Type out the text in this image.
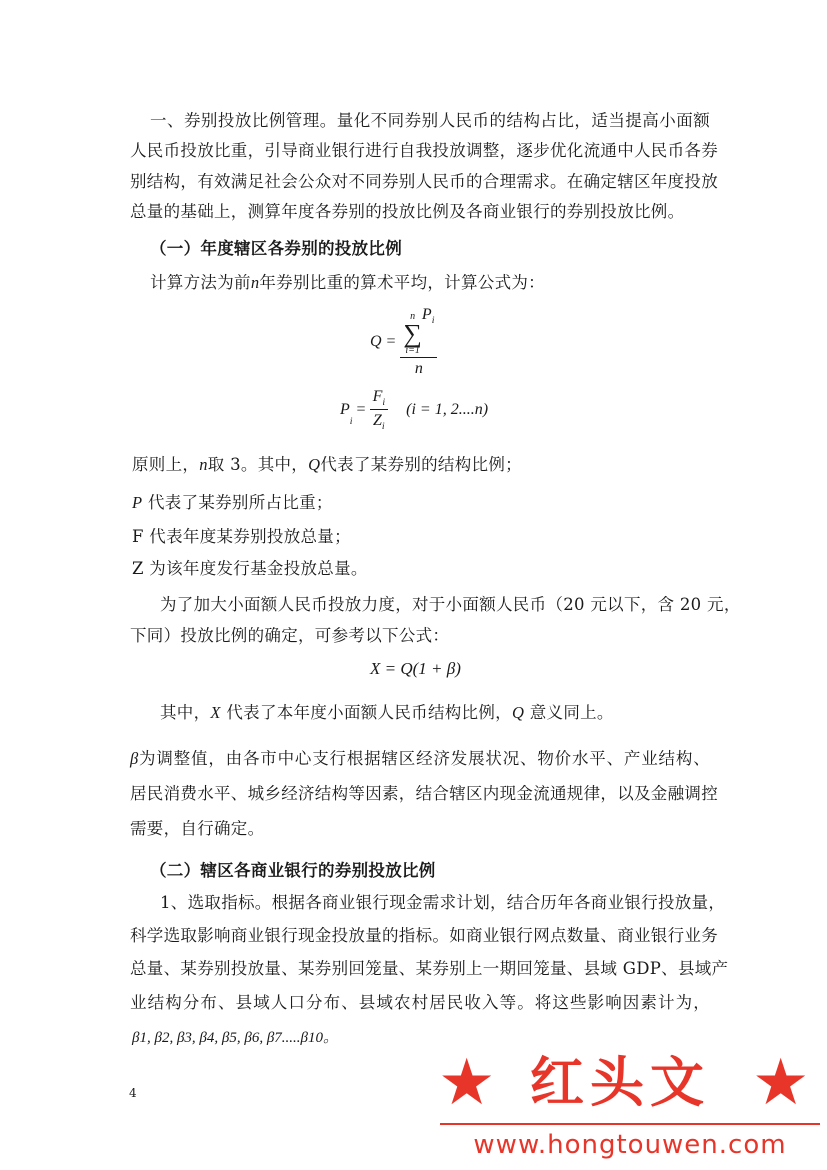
一、券别投放比例管理。量化不同券别人民币的结构占比，适当提高小面额
人民币投放比重，引导商业银行进行自我投放调整，逐步优化流通中人民币各券
别结构，有效满足社会公众对不同券别人民币的合理需求。在确定辖区年度投放
总量的基础上，测算年度各券别的投放比例及各商业银行的券别投放比例。
（一）年度辖区各券别的投放比例
计算方法为前n年券别比重的算术平均，计算公式为：
Q = n
∑
i=1
$P_i$
n
$P_i = \frac{F_i}{Z_i} (i = 1$, 2....n)
原则上，n取 3。其中，Q代表了某券别的结构比例；
P 代表了某券别所占比重；
F 代表年度某券别投放总量；
Z 为该年度发行基金投放总量。
为了加大小面额人民币投放力度，对于小面额人民币（20 元以下，含 20 元，
下同）投放比例的确定，可参考以下公式：
X = Q(1 + β)
其中，X 代表了本年度小面额人民币结构比例，Q 意义同上。
β为调整值，由各市中心支行根据辖区经济发展状况、物价水平、产业结构、
居民消费水平、城乡经济结构等因素，结合辖区内现金流通规律，以及金融调控
需要，自行确定。
（二）辖区各商业银行的券别投放比例
1、选取指标。根据各商业银行现金需求计划，结合历年各商业银行投放量，
科学选取影响商业银行现金投放量的指标。如商业银行网点数量、商业银行业务
总量、某券别投放量、某券别回笼量、某券别上一期回笼量、县域 GDP、县域产
业结构分布、县域人口分布、县域农村居民收入等。将这些影响因素计为，
β1, β2, β3, β4, β5, β6, β7.....β10。
4	★ 红头文 ★
www.hongtouwen.com
